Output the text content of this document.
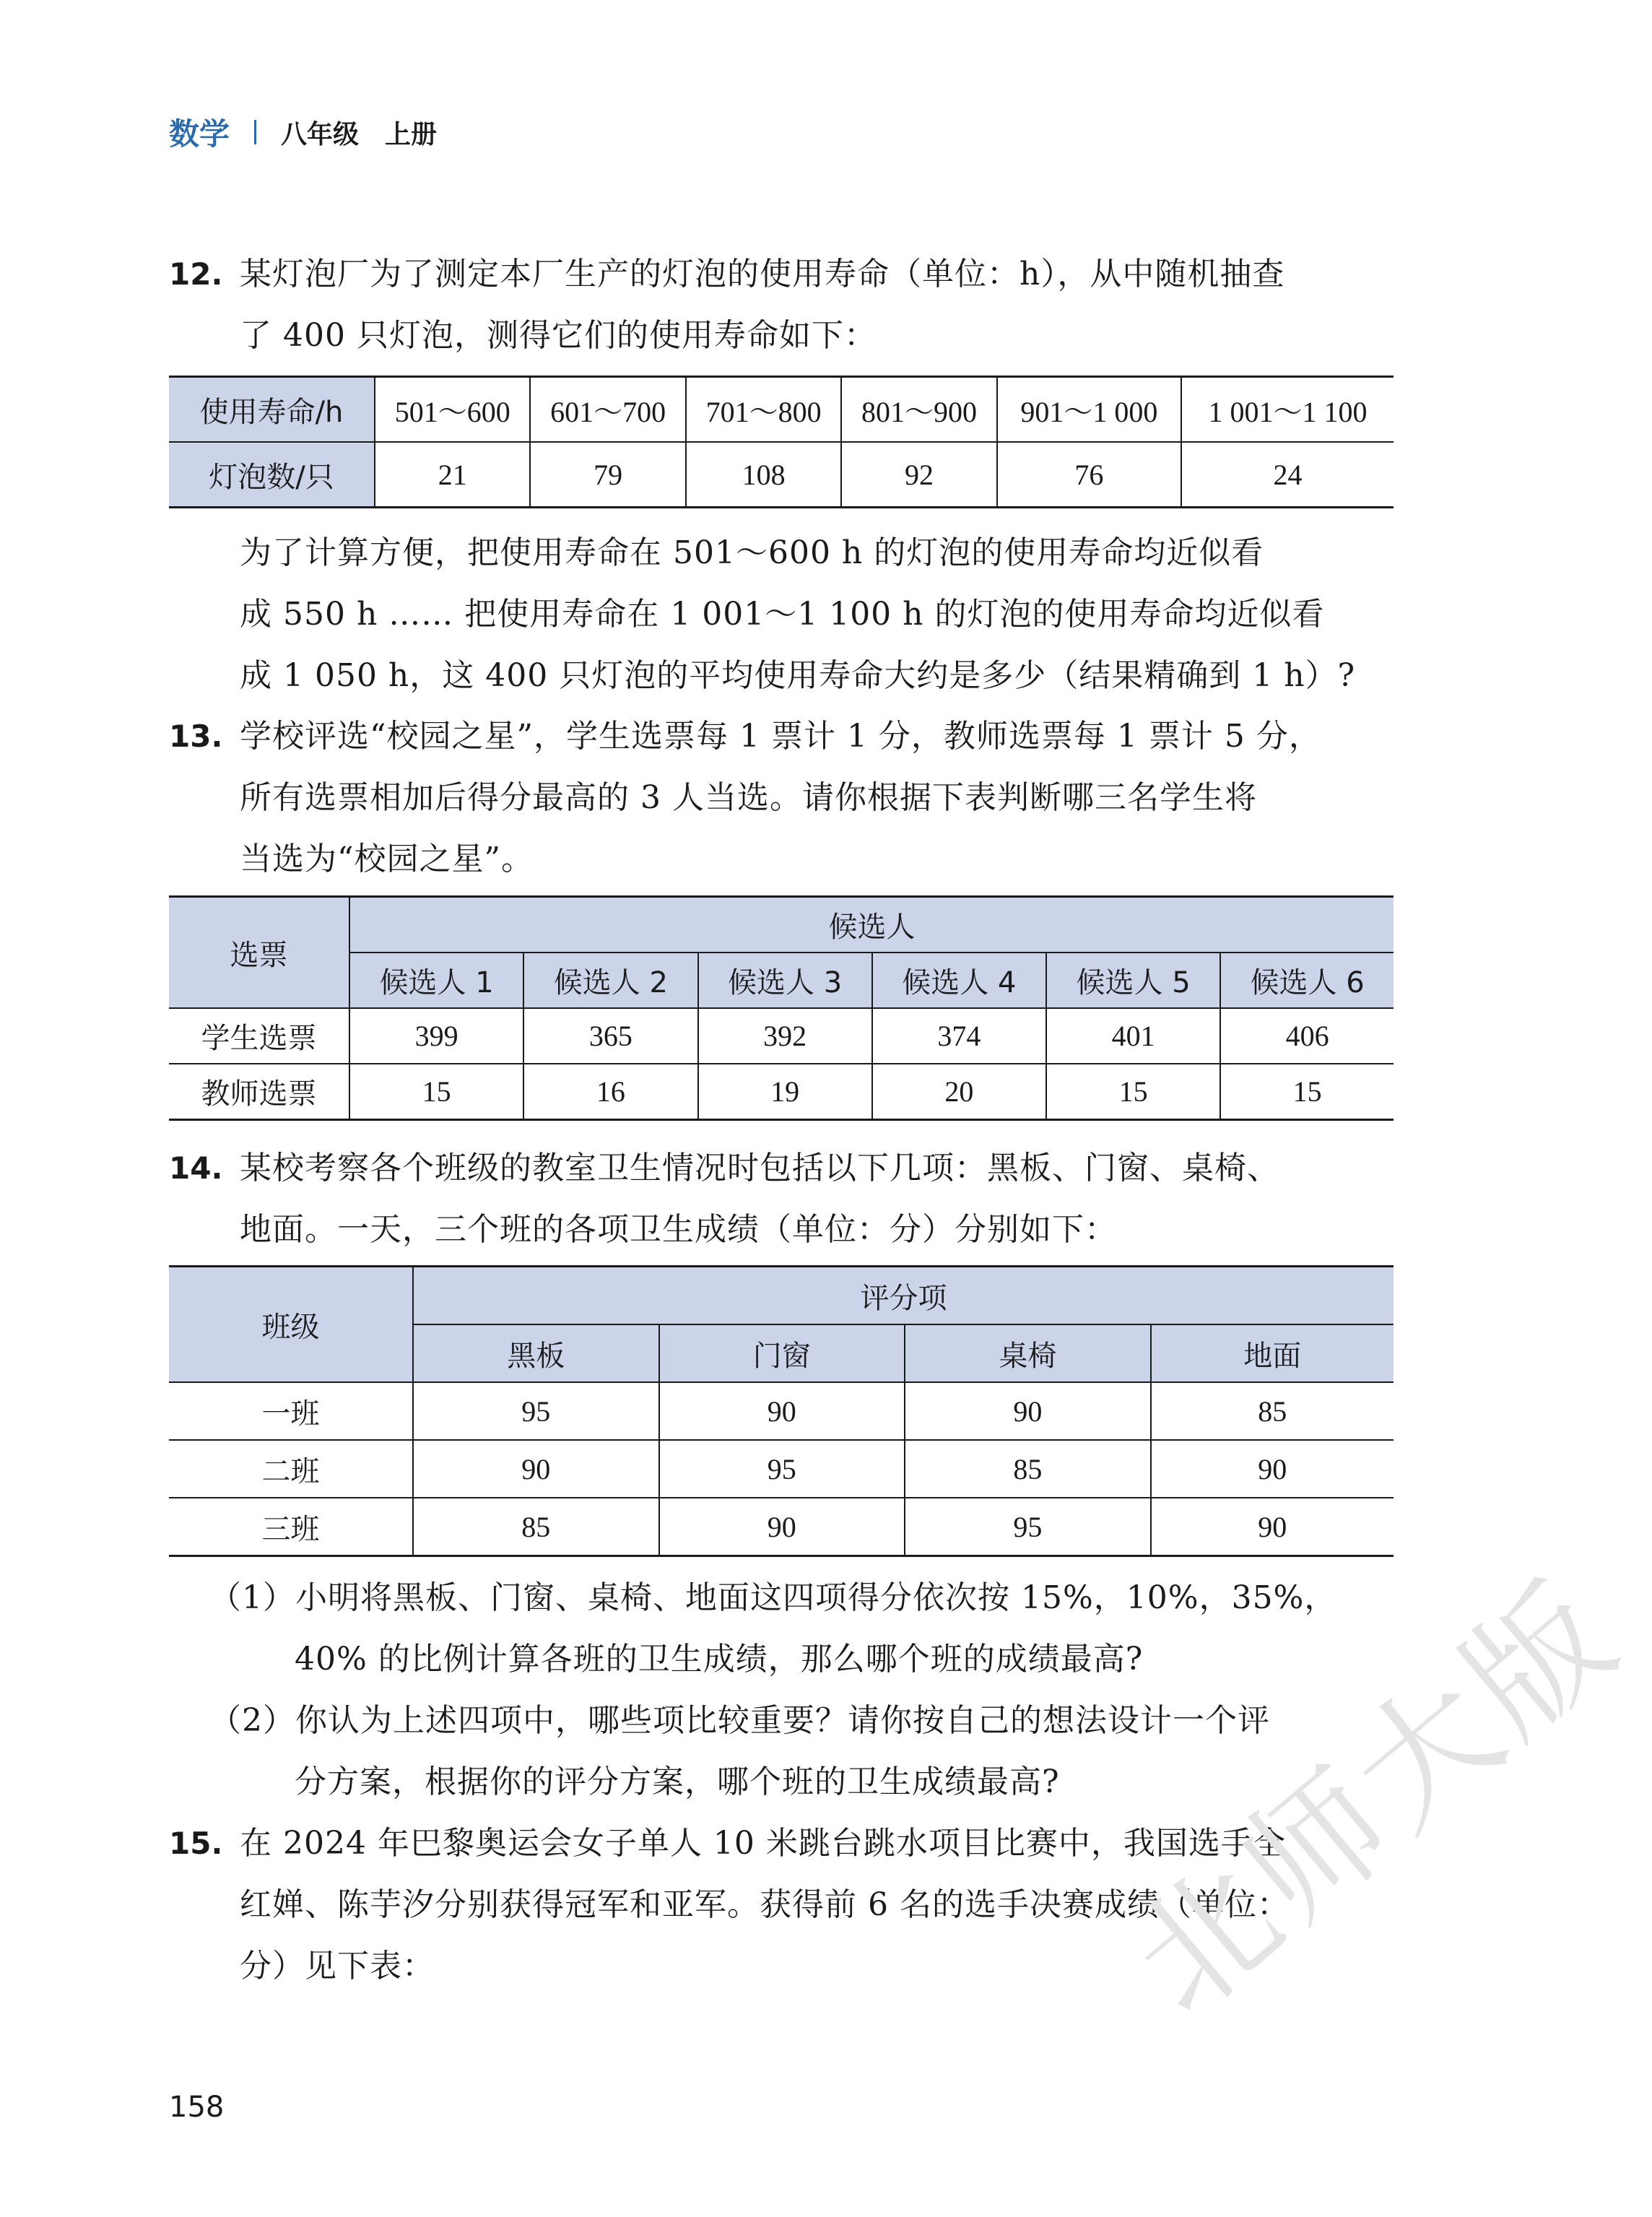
数学 八年级 上册
12. 某灯泡厂为了测定本厂生产的灯泡的使用寿命（单位：h），从中随机抽查
了 400 只灯泡，测得它们的使用寿命如下：
使用寿命/h	501～600	601～700	701～800	801～900	901～1 000	1 001～1 100
灯泡数/只	21	79	108	92	76	24
为了计算方便，把使用寿命在 501～600 h 的灯泡的使用寿命均近似看
成 550 h …… 把使用寿命在 1 001～1 100 h 的灯泡的使用寿命均近似看
成 1 050 h，这 400 只灯泡的平均使用寿命大约是多少（结果精确到 1 h）?
13. 学校评选“校园之星”，学生选票每 1 票计 1 分，教师选票每 1 票计 5 分，
所有选票相加后得分最高的 3 人当选。请你根据下表判断哪三名学生将
当选为“校园之星”。
选票	候选人					
	候选人 1	候选人 2	候选人 3	候选人 4	候选人 5	候选人 6
学生选票	399	365	392	374	401	406
教师选票	15	16	19	20	15	15
14. 某校考察各个班级的教室卫生情况时包括以下几项：黑板、门窗、桌椅、
地面。一天，三个班的各项卫生成绩（单位：分）分别如下：
班级	评分项			
	黑板	门窗	桌椅	地面
一班	95	90	90	85
二班	90	95	85	90
三班	85	90	95	90
（1）小明将黑板、门窗、桌椅、地面这四项得分依次按 15%，10%，35%，
40% 的比例计算各班的卫生成绩，那么哪个班的成绩最高?
（2）你认为上述四项中，哪些项比较重要？请你按自己的想法设计一个评
分方案，根据你的评分方案，哪个班的卫生成绩最高?
15. 在 2024 年巴黎奥运会女子单人 10 米跳台跳水项目比赛中，我国选手全
红婵、陈芋汐分别获得冠军和亚军。获得前 6 名的选手决赛成绩（单位：
分）见下表：
158
北师大版
